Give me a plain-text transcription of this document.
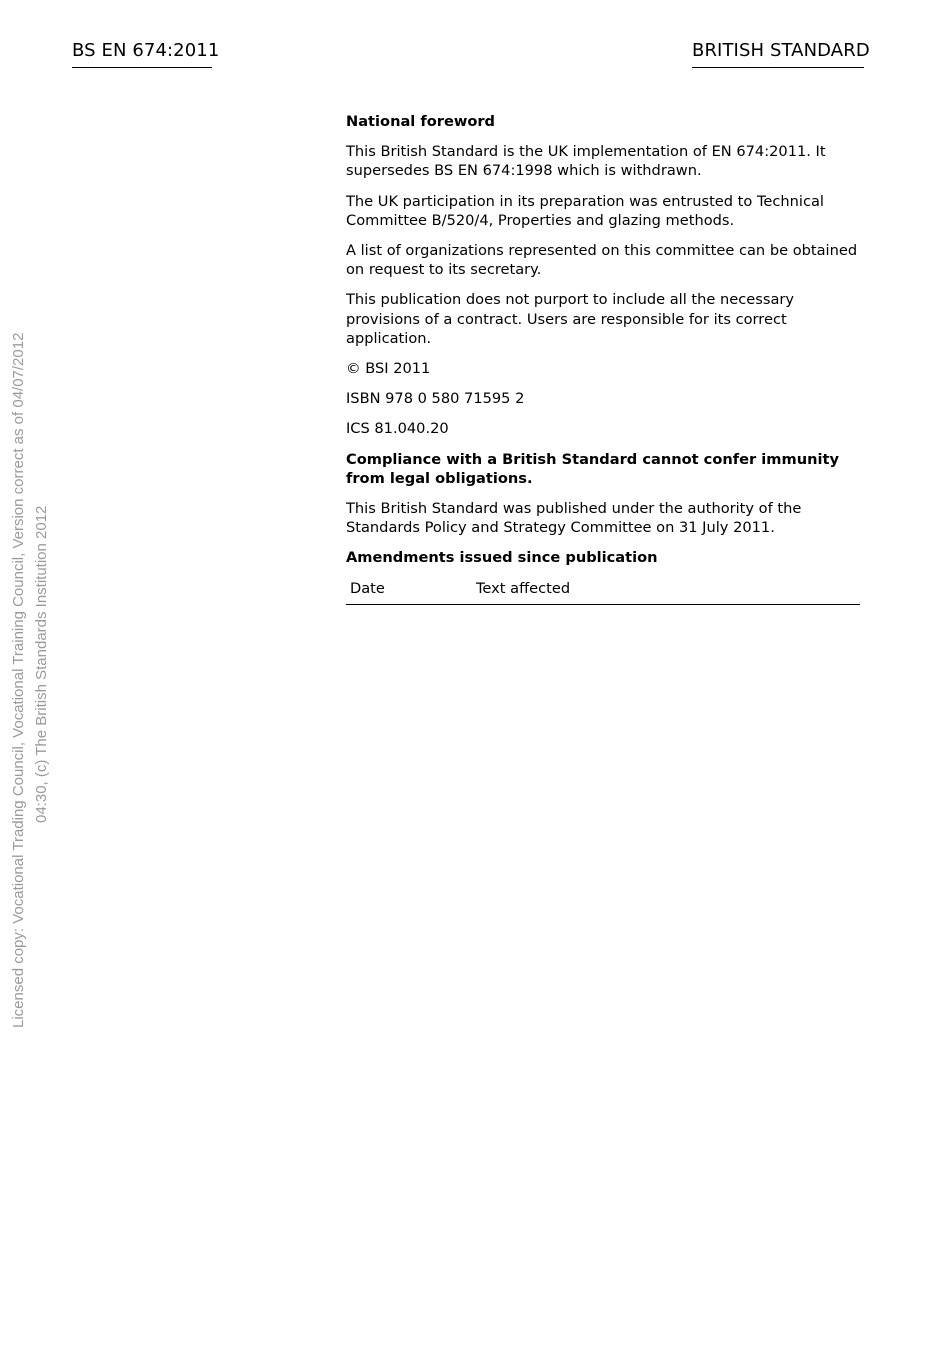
BS EN 674:2011	BRITISH STANDARD
Licensed copy: Vocational Trading Council, Vocational Training Council, Version correct as of 04/07/2012 04:30, (c) The British Standards Institution 2012

National foreword

This British Standard is the UK implementation of EN 674:2011. It supersedes BS EN 674:1998 which is withdrawn.

The UK participation in its preparation was entrusted to Technical Committee B/520/4, Properties and glazing methods.

A list of organizations represented on this committee can be obtained on request to its secretary.

This publication does not purport to include all the necessary provisions of a contract. Users are responsible for its correct application.

© BSI 2011

ISBN 978 0 580 71595 2

ICS 81.040.20

Compliance with a British Standard cannot confer immunity from legal obligations.

This British Standard was published under the authority of the Standards Policy and Strategy Committee on 31 July 2011.

Amendments issued since publication

Date	Text affected
